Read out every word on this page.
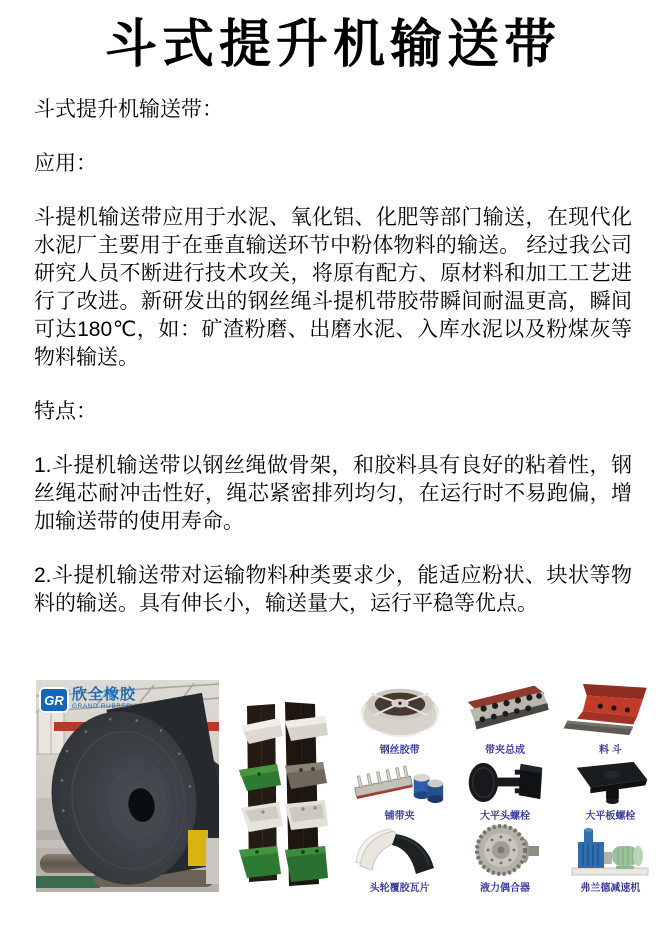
斗式提升机输送带

斗式提升机输送带：

应用：

斗提机输送带应用于水泥、氧化铝、化肥等部门输送，在现代化水泥厂主要用于在垂直输送环节中粉体物料的输送。 经过我公司研究人员不断进行技术攻关，将原有配方、原材料和加工工艺进行了改进。新研发出的钢丝绳斗提机带胶带瞬间耐温更高，瞬间可达180℃，如：矿渣粉磨、出磨水泥、入库水泥以及粉煤灰等物料输送。

特点：

1.斗提机输送带以钢丝绳做骨架，和胶料具有良好的粘着性，钢丝绳芯耐冲击性好，绳芯紧密排列均匀，在运行时不易跑偏，增加输送带的使用寿命。

2.斗提机输送带对运输物料种类要求少，能适应粉状、块状等物料的输送。具有伸长小，输送量大，运行平稳等优点。

GR 欣全橡胶
GRAND RUBBER
钢丝胶带	带夹总成	料 斗
铺带夹	大平头螺栓	大平板螺栓
头轮覆胶瓦片	液力偶合器	弗兰德减速机
